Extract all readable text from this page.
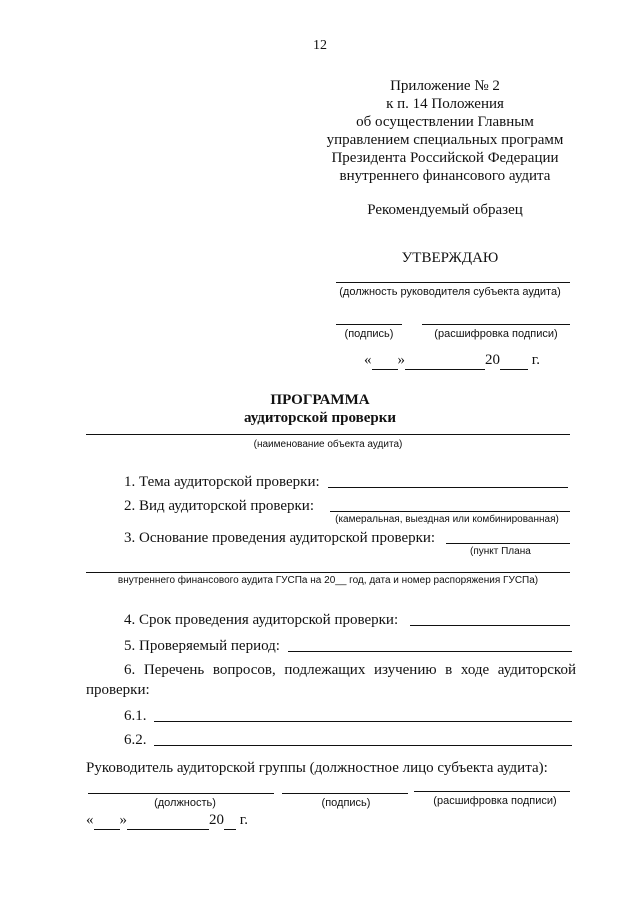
12
Приложение № 2
к п. 14 Положения
об осуществлении Главным
управлением специальных программ
Президента Российской Федерации
внутреннего финансового аудита
Рекомендуемый образец
УТВЕРЖДАЮ
(должность руководителя субъекта аудита)
(подпись)	(расшифровка подписи)
« »	20 г.
ПРОГРАММА
аудиторской проверки
(наименование объекта аудита)
1. Тема аудиторской проверки:
2. Вид аудиторской проверки:
(камеральная, выездная или комбинированная)
3. Основание проведения аудиторской проверки:
(пункт Плана
внутреннего финансового аудита ГУСПа на 20__ год, дата и номер распоряжения ГУСПа)
4. Срок проведения аудиторской проверки:
5. Проверяемый период:
6. Перечень вопросов, подлежащих изучению в ходе аудиторской
проверки:
6.1.
6.2.
Руководитель аудиторской группы (должностное лицо субъекта аудита):
(должность)	(подпись)	(расшифровка подписи)
« »	20 г.
